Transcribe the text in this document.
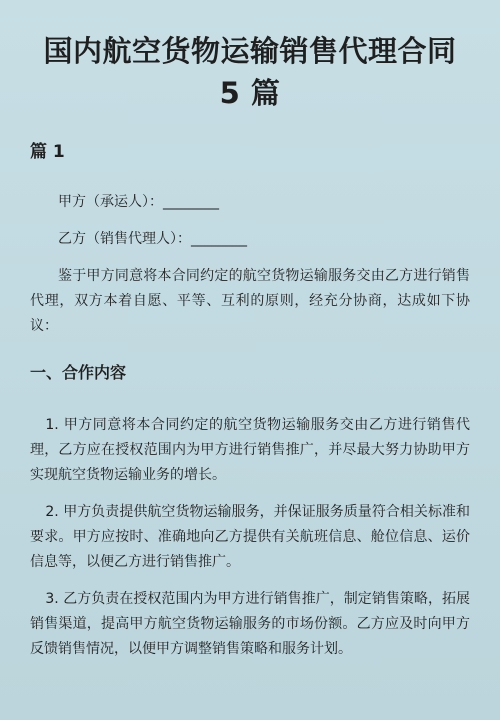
国内航空货物运输销售代理合同
5 篇
篇 1
甲方（承运人）：________
乙方（销售代理人）：________
鉴于甲方同意将本合同约定的航空货物运输服务交由乙方进行销售代理，双方本着自愿、平等、互利的原则，经充分协商，达成如下协议：
一、合作内容
1. 甲方同意将本合同约定的航空货物运输服务交由乙方进行销售代理，乙方应在授权范围内为甲方进行销售推广，并尽最大努力协助甲方实现航空货物运输业务的增长。
2. 甲方负责提供航空货物运输服务，并保证服务质量符合相关标准和要求。甲方应按时、准确地向乙方提供有关航班信息、舱位信息、运价信息等，以便乙方进行销售推广。
3. 乙方负责在授权范围内为甲方进行销售推广，制定销售策略，拓展销售渠道，提高甲方航空货物运输服务的市场份额。乙方应及时向甲方反馈销售情况，以便甲方调整销售策略和服务计划。
